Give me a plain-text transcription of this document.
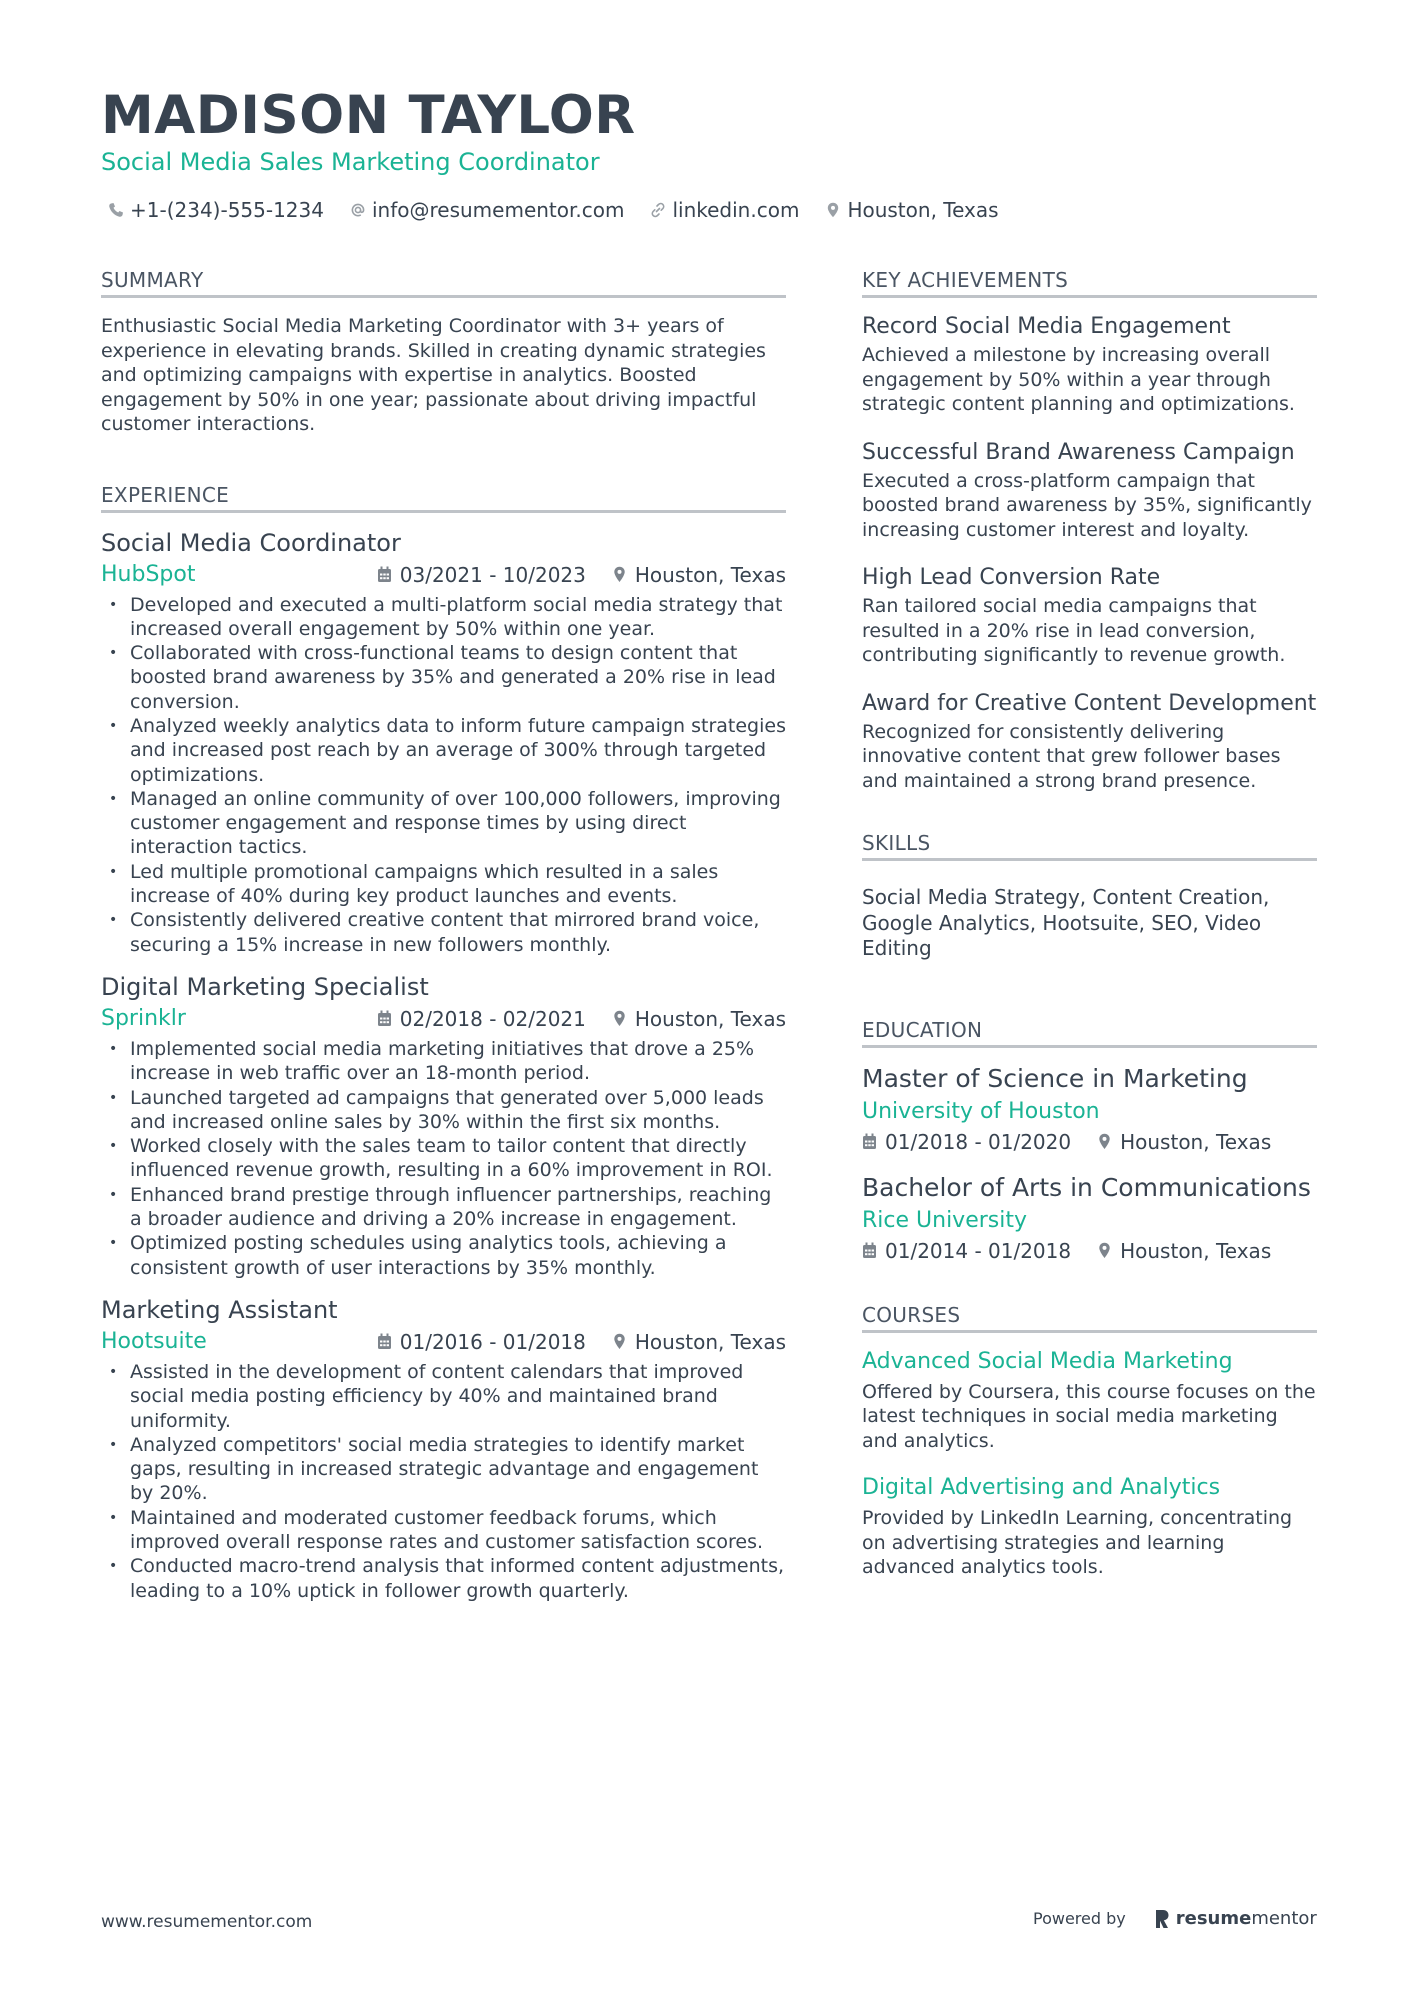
MADISON TAYLOR
Social Media Sales Marketing Coordinator
+1-(234)-555-1234 info@resumementor.com linkedin.com Houston, Texas
SUMMARY
Enthusiastic Social Media Marketing Coordinator with 3+ years of experience in elevating brands. Skilled in creating dynamic strategies and optimizing campaigns with expertise in analytics. Boosted engagement by 50% in one year; passionate about driving impactful customer interactions.
EXPERIENCE
Social Media Coordinator
HubSpot	03/2021 - 10/2023 Houston, Texas
• Developed and executed a multi-platform social media strategy that increased overall engagement by 50% within one year.
• Collaborated with cross-functional teams to design content that boosted brand awareness by 35% and generated a 20% rise in lead conversion.
• Analyzed weekly analytics data to inform future campaign strategies and increased post reach by an average of 300% through targeted optimizations.
• Managed an online community of over 100,000 followers, improving customer engagement and response times by using direct interaction tactics.
• Led multiple promotional campaigns which resulted in a sales increase of 40% during key product launches and events.
• Consistently delivered creative content that mirrored brand voice, securing a 15% increase in new followers monthly.
Digital Marketing Specialist
Sprinklr	02/2018 - 02/2021 Houston, Texas
• Implemented social media marketing initiatives that drove a 25% increase in web traffic over an 18-month period.
• Launched targeted ad campaigns that generated over 5,000 leads and increased online sales by 30% within the first six months.
• Worked closely with the sales team to tailor content that directly influenced revenue growth, resulting in a 60% improvement in ROI.
• Enhanced brand prestige through influencer partnerships, reaching a broader audience and driving a 20% increase in engagement.
• Optimized posting schedules using analytics tools, achieving a consistent growth of user interactions by 35% monthly.
Marketing Assistant
Hootsuite	01/2016 - 01/2018 Houston, Texas
• Assisted in the development of content calendars that improved social media posting efficiency by 40% and maintained brand uniformity.
• Analyzed competitors' social media strategies to identify market gaps, resulting in increased strategic advantage and engagement by 20%.
• Maintained and moderated customer feedback forums, which improved overall response rates and customer satisfaction scores.
• Conducted macro-trend analysis that informed content adjustments, leading to a 10% uptick in follower growth quarterly.
KEY ACHIEVEMENTS
Record Social Media Engagement
Achieved a milestone by increasing overall engagement by 50% within a year through strategic content planning and optimizations.
Successful Brand Awareness Campaign
Executed a cross-platform campaign that boosted brand awareness by 35%, significantly increasing customer interest and loyalty.
High Lead Conversion Rate
Ran tailored social media campaigns that resulted in a 20% rise in lead conversion, contributing significantly to revenue growth.
Award for Creative Content Development
Recognized for consistently delivering innovative content that grew follower bases and maintained a strong brand presence.
SKILLS
Social Media Strategy, Content Creation, Google Analytics, Hootsuite, SEO, Video Editing
EDUCATION
Master of Science in Marketing
University of Houston
01/2018 - 01/2020 Houston, Texas
Bachelor of Arts in Communications
Rice University
01/2014 - 01/2018 Houston, Texas
COURSES
Advanced Social Media Marketing
Offered by Coursera, this course focuses on the latest techniques in social media marketing and analytics.
Digital Advertising and Analytics
Provided by LinkedIn Learning, concentrating on advertising strategies and learning advanced analytics tools.
www.resumementor.com	Powered by	resume mentor
